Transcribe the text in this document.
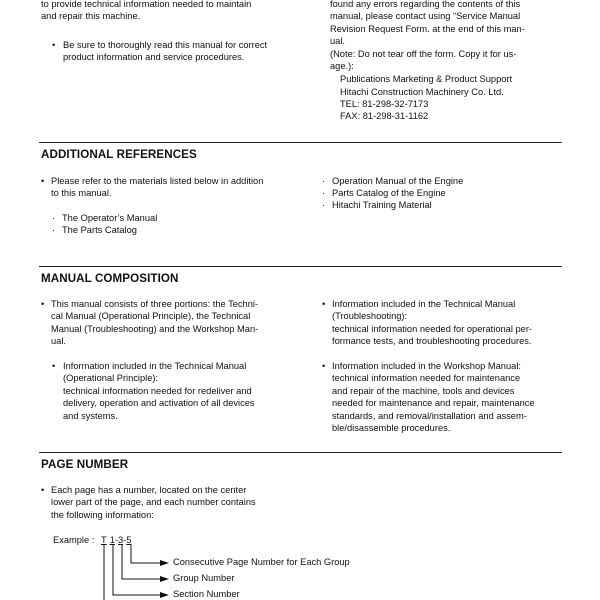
to provide technical information needed to maintain
and repair this machine.
• Be sure to thoroughly read this manual for correct
product information and service procedures.
found any errors regarding the contents of this
manual, please contact using “Service Manual
Revision Request Form. at the end of this man-
ual.
(Note: Do not tear off the form. Copy it for us-
age.):
Publications Marketing & Product Support
Hitachi Construction Machinery Co. Ltd.
TEL: 81-298-32-7173
FAX: 81-298-31-1162
ADDITIONAL REFERENCES
• Please refer to the materials listed below in addition
to this manual.
· The Operator’s Manual
· The Parts Catalog
· Operation Manual of the Engine
· Parts Catalog of the Engine
· Hitachi Training Material
MANUAL COMPOSITION
• This manual consists of three portions: the Techni-
cal Manual (Operational Principle), the Technical
Manual (Troubleshooting) and the Workshop Man-
ual.
• Information included in the Technical Manual
(Operational Principle):
technical information needed for redeliver and
delivery, operation and activation of all devices
and systems.
• Information included in the Technical Manual
(Troubleshooting):
technical information needed for operational per-
formance tests, and troubleshooting procedures.
• Information included in the Workshop Manual:
technical information needed for maintenance
and repair of the machine, tools and devices
needed for maintenance and repair, maintenance
standards, and removal/installation and assem-
ble/disassemble procedures.
PAGE NUMBER
• Each page has a number, located on the center
lower part of the page, and each number contains
the following information:
Example : T 1-3-5
Consecutive Page Number for Each Group
Group Number
Section Number
